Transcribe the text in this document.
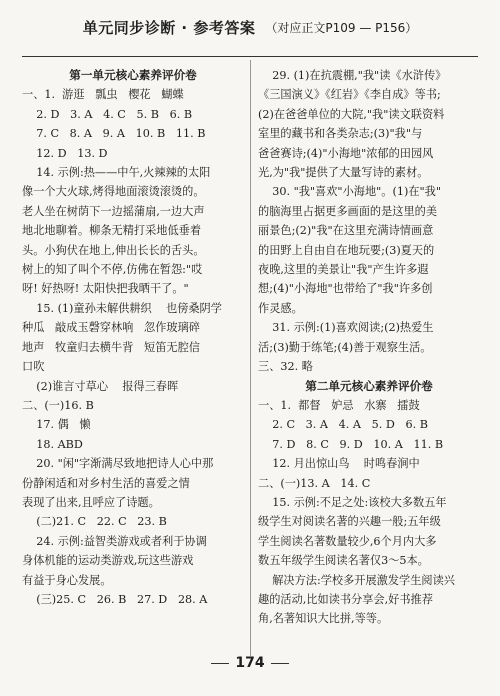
单元同步诊断 · 参考答案 （对应正文P109 — P156）
第一单元核心素养评价卷
一、1.  游逛   瓢虫   樱花   蝴蝶
2. D   3. A   4. C   5. B   6. B
7. C   8. A   9. A   10. B   11. B
12. D   13. D
14. 示例:热——中午,火辣辣的太阳
像一个大火球,烤得地面滚烫滚烫的。
老人坐在树荫下一边摇蒲扇,一边大声
地北地聊着。柳条无精打采地低垂着
头。小狗伏在地上,伸出长长的舌头。
树上的知了叫个不停,仿佛在暂怨:"哎
呀! 好热呀! 太阳快把我晒干了。"
15. (1)童孙未解供耕织    也傍桑阴学
种瓜   敲成玉磬穿林响   忽作玻璃碎
地声   牧童归去横牛背   短笛无腔信
口吹
(2)谁言寸草心    报得三春晖
二、(一)16. B
17. 偶   懒
18. ABD
20. "闲"字渐满尽致地把诗人心中那
份静闲适和对乡村生活的喜爱之情
表现了出来,且呼应了诗题。
(二)21. C   22. C   23. B
24. 示例:益智类游戏或者利于协调
身体机能的运动类游戏,玩这些游戏
有益于身心发展。
(三)25. C   26. B   27. D   28. A
29. (1)在抗震棚,"我"读《水浒传》
《三国演义》《红岩》《李自成》等书;
(2)在爸爸单位的大院,"我"读文联资料
室里的藏书和各类杂志;(3)"我"与
爸爸赛诗;(4)"小海地"浓郁的田园风
光,为"我"提供了大量写诗的素材。
30. "我"喜欢"小海地"。(1)在"我"
的脑海里占据更多画面的是这里的美
丽景色;(2)"我"在这里充满诗情画意
的田野上自由自在地玩要;(3)夏天的
夜晚,这里的美景让"我"产生许多遐
想;(4)"小海地"也带给了"我"许多创
作灵感。
31. 示例:(1)喜欢阅读;(2)热爱生
活;(3)勤于练笔;(4)善于观察生活。
三、32. 略
第二单元核心素养评价卷
一、1.  都督   妒忌   水寨   擂鼓
2. C   3. A   4. A   5. D   6. B
7. D   8. C   9. D   10. A   11. B
12. 月出惊山鸟    时鸣春涧中
二、(一)13. A   14. C
15. 示例:不足之处:该校大多数五年
级学生对阅读名著的兴趣一般;五年级
学生阅读名著数量较少,6个月内大多
数五年级学生阅读名著仅3～5本。
解决方法:学校多开展激发学生阅读兴
趣的活动,比如读书分享会,好书推荐
角,名著知识大比拼,等等。
174
